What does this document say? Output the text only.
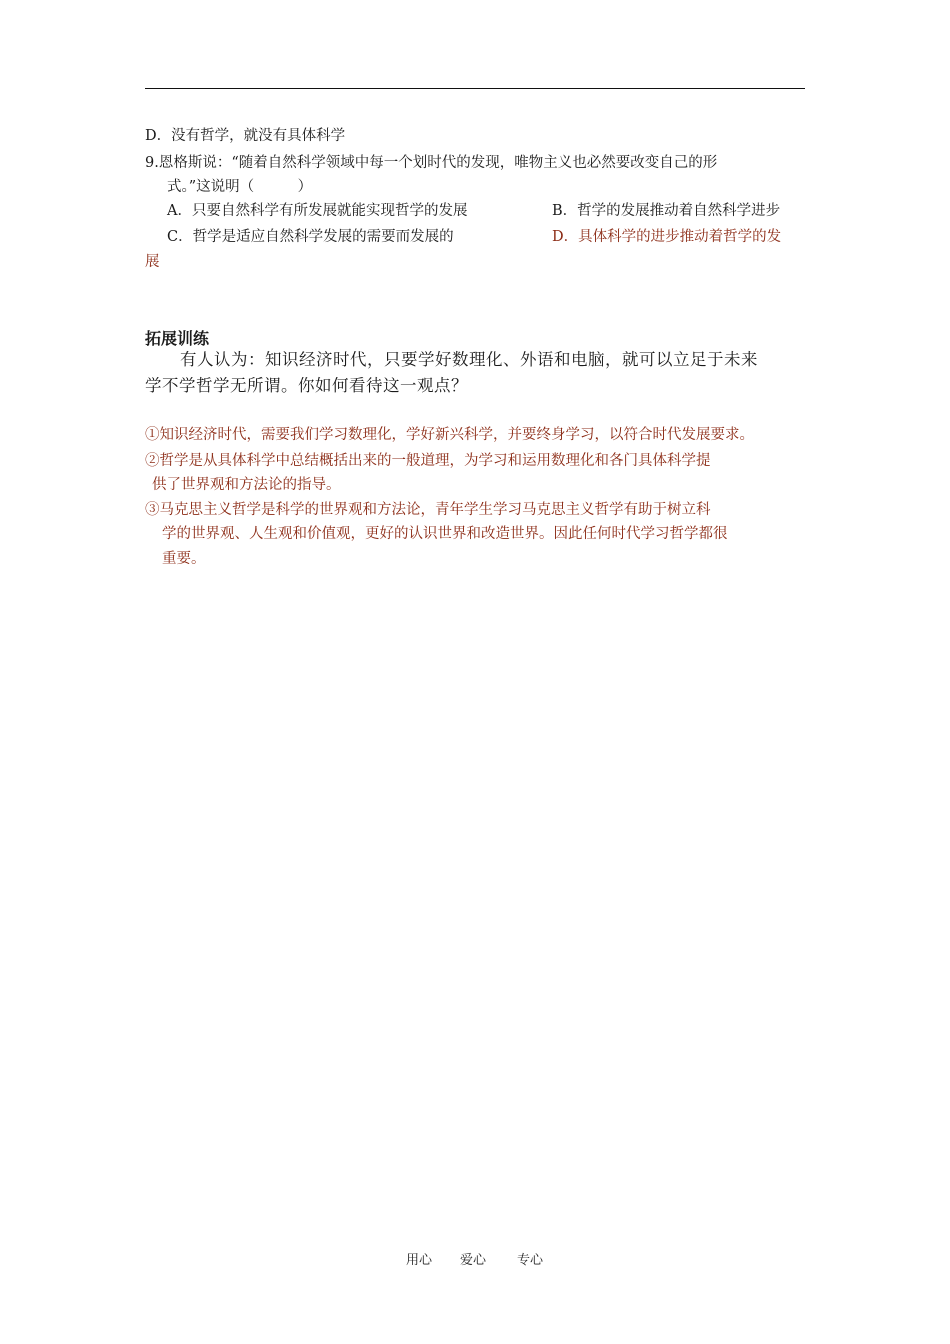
D．没有哲学，就没有具体科学
9.恩格斯说：“随着自然科学领域中每一个划时代的发现，唯物主义也必然要改变自己的形
式。”这说明（　　　）
A．只要自然科学有所发展就能实现哲学的发展	B．哲学的发展推动着自然科学进步
C．哲学是适应自然科学发展的需要而发展的	D．具体科学的进步推动着哲学的发
展
拓展训练
有人认为：知识经济时代，只要学好数理化、外语和电脑，就可以立足于未来
学不学哲学无所谓。你如何看待这一观点？
①知识经济时代，需要我们学习数理化，学好新兴科学，并要终身学习，以符合时代发展要求。
②哲学是从具体科学中总结概括出来的一般道理，为学习和运用数理化和各门具体科学提
供了世界观和方法论的指导。
③马克思主义哲学是科学的世界观和方法论，青年学生学习马克思主义哲学有助于树立科
学的世界观、人生观和价值观，更好的认识世界和改造世界。因此任何时代学习哲学都很
重要。
用心 爱心 专心
